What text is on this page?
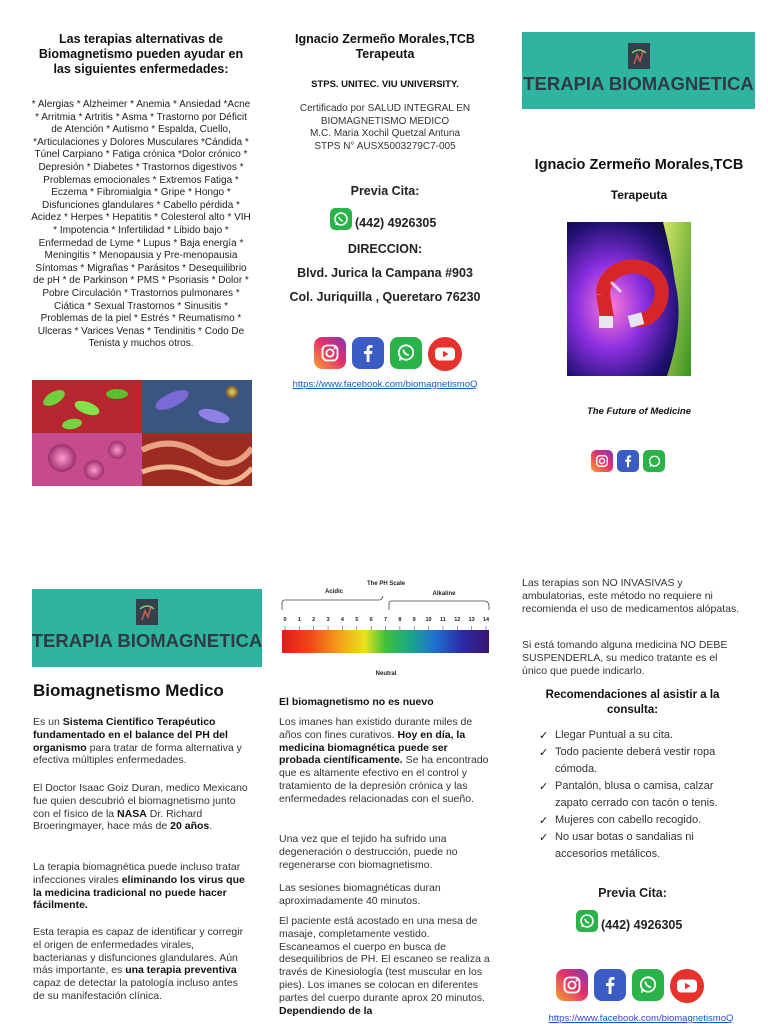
Las terapias alternativas de Biomagnetismo pueden ayudar en las siguientes enfermedades:
* Alergias * Alzheimer * Anemia * Ansiedad *Acne * Arritmia * Artritis * Asma * Trastorno por Déficit de Atención * Autismo * Espalda, Cuello, *Articulaciones y Dolores Musculares *Cándida * Túnel Carpiano * Fatiga crónica *Dolor crónico * Depresión * Diabetes * Trastornos digestivos * Problemas emocionales * Extremos Fatiga * Eczema * Fibromialgia * Gripe * Hongo * Disfunciones glandulares * Cabello pérdida * Acidez * Herpes * Hepatitis * Colesterol alto * VIH * Impotencia * Infertilidad * Libido bajo * Enfermedad de Lyme * Lupus * Baja energía * Meningitis * Menopausia y Pre-menopausia Síntomas * Migrañas * Parásitos * Desequilibrio de pH * de Parkinson * PMS * Psoriasis * Dolor * Pobre Circulación * Trastornos pulmonares * Ciática * Sexual Trastornos * Sinusitis * Problemas de la piel * Estrés * Reumatismo * Ulceras * Varices Venas * Tendinitis * Codo De Tenista y muchos otros.
Ignacio Zermeño Morales,TCB
Terapeuta
STPS. UNITEC. VIU UNIVERSITY.
Certificado por SALUD INTEGRAL EN
BIOMAGNETISMO MEDICO
M.C. Maria Xochil Quetzal Antuna
STPS N° AUSX5003279C7-005
Previa Cita:
(442) 4926305
DIRECCION:
Blvd. Jurica la Campana #903
Col. Juriquilla , Queretaro 76230
https://www.facebook.com/biomagnetismoQ
TERAPIA BIOMAGNETICA
Ignacio Zermeño Morales,TCB
Terapeuta
The Future of Medicine
TERAPIA BIOMAGNETICA
Biomagnetismo Medico
Es un Sistema Científico Terapéutico fundamentado en el balance del PH del organismo para tratar de forma alternativa y efectiva múltiples enfermedades.
El Doctor Isaac Goiz Duran, medico Mexicano fue quien descubrió el biomagnetismo junto con el físico de la NASA Dr. Richard Broeringmayer, hace más de 20 años.
La terapia biomagnética puede incluso tratar infecciones virales eliminando los virus que la medicina tradicional no puede hacer fácilmente.
Esta terapia es capaz de identificar y corregir el origen de enfermedades virales, bacterianas y disfunciones glandulares. Aún más importante, es una terapia preventiva capaz de detectar la patología incluso antes de su manifestación clínica.
The PH Scale
Acidic	Alkaline
0 1 2 3 4 5 6 7 8 9 10 11 12 13 14
Neutral
El biomagnetismo no es nuevo
Los imanes han existido durante miles de años con fines curativos. Hoy en día, la medicina biomagnética puede ser probada científicamente. Se ha encontrado que es altamente efectivo en el control y tratamiento de la depresión crónica y las enfermedades relacionadas con el sueño.
Una vez que el tejido ha sufrido una degeneración o destrucción, puede no regenerarse con biomagnetismo.
Las sesiones biomagnéticas duran aproximadamente 40 minutos.
El paciente está acostado en una mesa de masaje, completamente vestido. Escaneamos el cuerpo en busca de desequilibrios de PH. El escaneo se realiza a través de Kinesiología (test muscular en los pies). Los imanes se colocan en diferentes partes del cuerpo durante aprox 20 minutos. Dependiendo de la
Las terapias son NO INVASIVAS y ambulatorias, este método no requiere ni recomienda el uso de medicamentos alópatas.
Si está tomando alguna medicina NO DEBE SUSPENDERLA, su medico tratante es el único que puede indicarlo.
Recomendaciones al asistir a la consulta:
✓ Llegar Puntual a su cita.
✓ Todo paciente deberá vestir ropa cómoda.
✓ Pantalón, blusa o camisa, calzar zapato cerrado con tacón o tenis.
✓ Mujeres con cabello recogido.
✓ No usar botas o sandalias ni accesorios metálicos.
Previa Cita:
(442) 4926305
https://www.facebook.com/biomagnetismoQ
